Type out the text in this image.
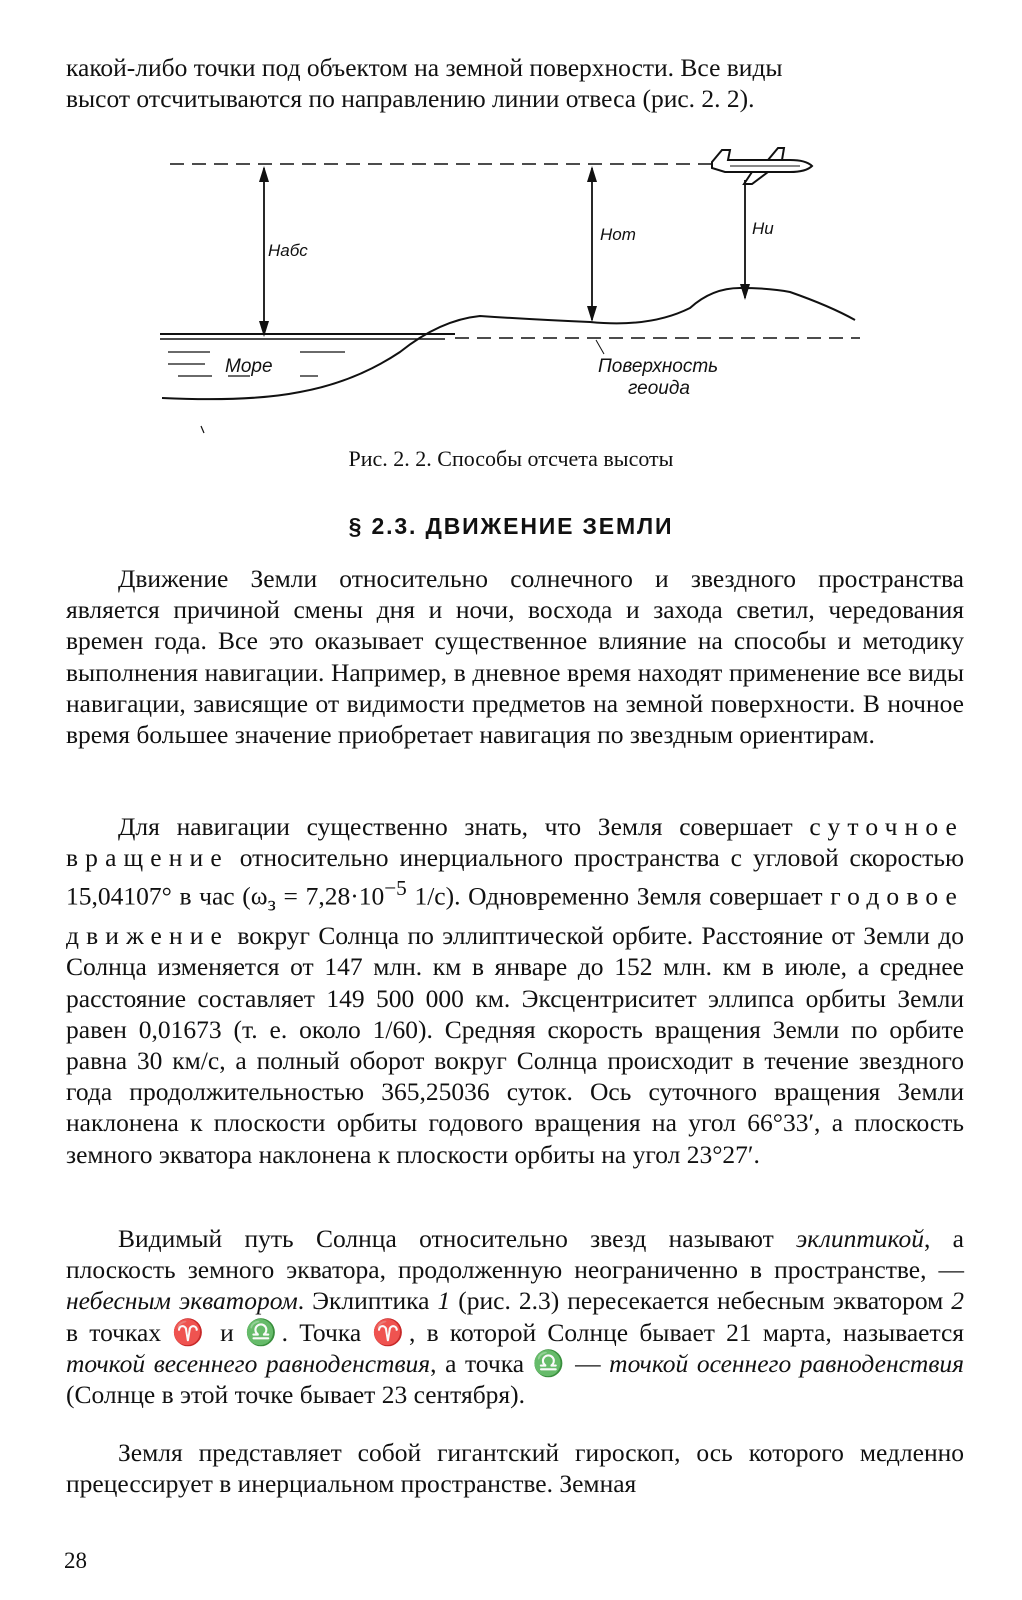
какой-либо точки под объектом на земной поверхности. Все виды
высот отсчитываются по направлению линии отвеса (рис. 2. 2).

Hабс
Hот	Hи
Море	Поверхность
геоида

Рис. 2. 2. Способы отсчета высоты

§ 2.3. ДВИЖЕНИЕ ЗЕМЛИ

Движение Земли относительно солнечного и звездного пространства является причиной смены дня и ночи, восхода и захода светил, чередования времен года. Все это оказывает существенное влияние на способы и методику выполнения навигации. Например, в дневное время находят применение все виды навигации, зависящие от видимости предметов на земной поверхности. В ночное время большее значение приобретает навигация по звездным ориентирам.

Для навигации существенно знать, что Земля совершает суточное вращение относительно инерциального пространства с угловой скоростью 15,04107° в час ($\omega_з = 7,28\cdot 10^{-5}$ 1/с). Одновременно Земля совершает годовое движение вокруг Солнца по эллиптической орбите. Расстояние от Земли до Солнца изменяется от 147 млн. км в январе до 152 млн. км в июле, а среднее расстояние составляет 149 500 000 км. Эксцентриситет эллипса орбиты Земли равен 0,01673 (т. е. около 1/60). Средняя скорость вращения Земли по орбите равна 30 км/с, а полный оборот вокруг Солнца происходит в течение звездного года продолжительностью 365,25036 суток. Ось суточного вращения Земли наклонена к плоскости орбиты годового вращения на угол 66°33′, а плоскость земного экватора наклонена к плоскости орбиты на угол 23°27′.

Видимый путь Солнца относительно звезд называют эклиптикой, а плоскость земного экватора, продолженную неограниченно в пространстве, — небесным экватором. Эклиптика 1 (рис. 2.3) пересекается небесным экватором 2 в точках ♈ и ♎. Точка ♈, в которой Солнце бывает 21 марта, называется точкой весеннего равноденствия, а точка ♎ — точкой осеннего равноденствия (Солнце в этой точке бывает 23 сентября).

Земля представляет собой гигантский гироскоп, ось которого медленно прецессирует в инерциальном пространстве. Земная

28
